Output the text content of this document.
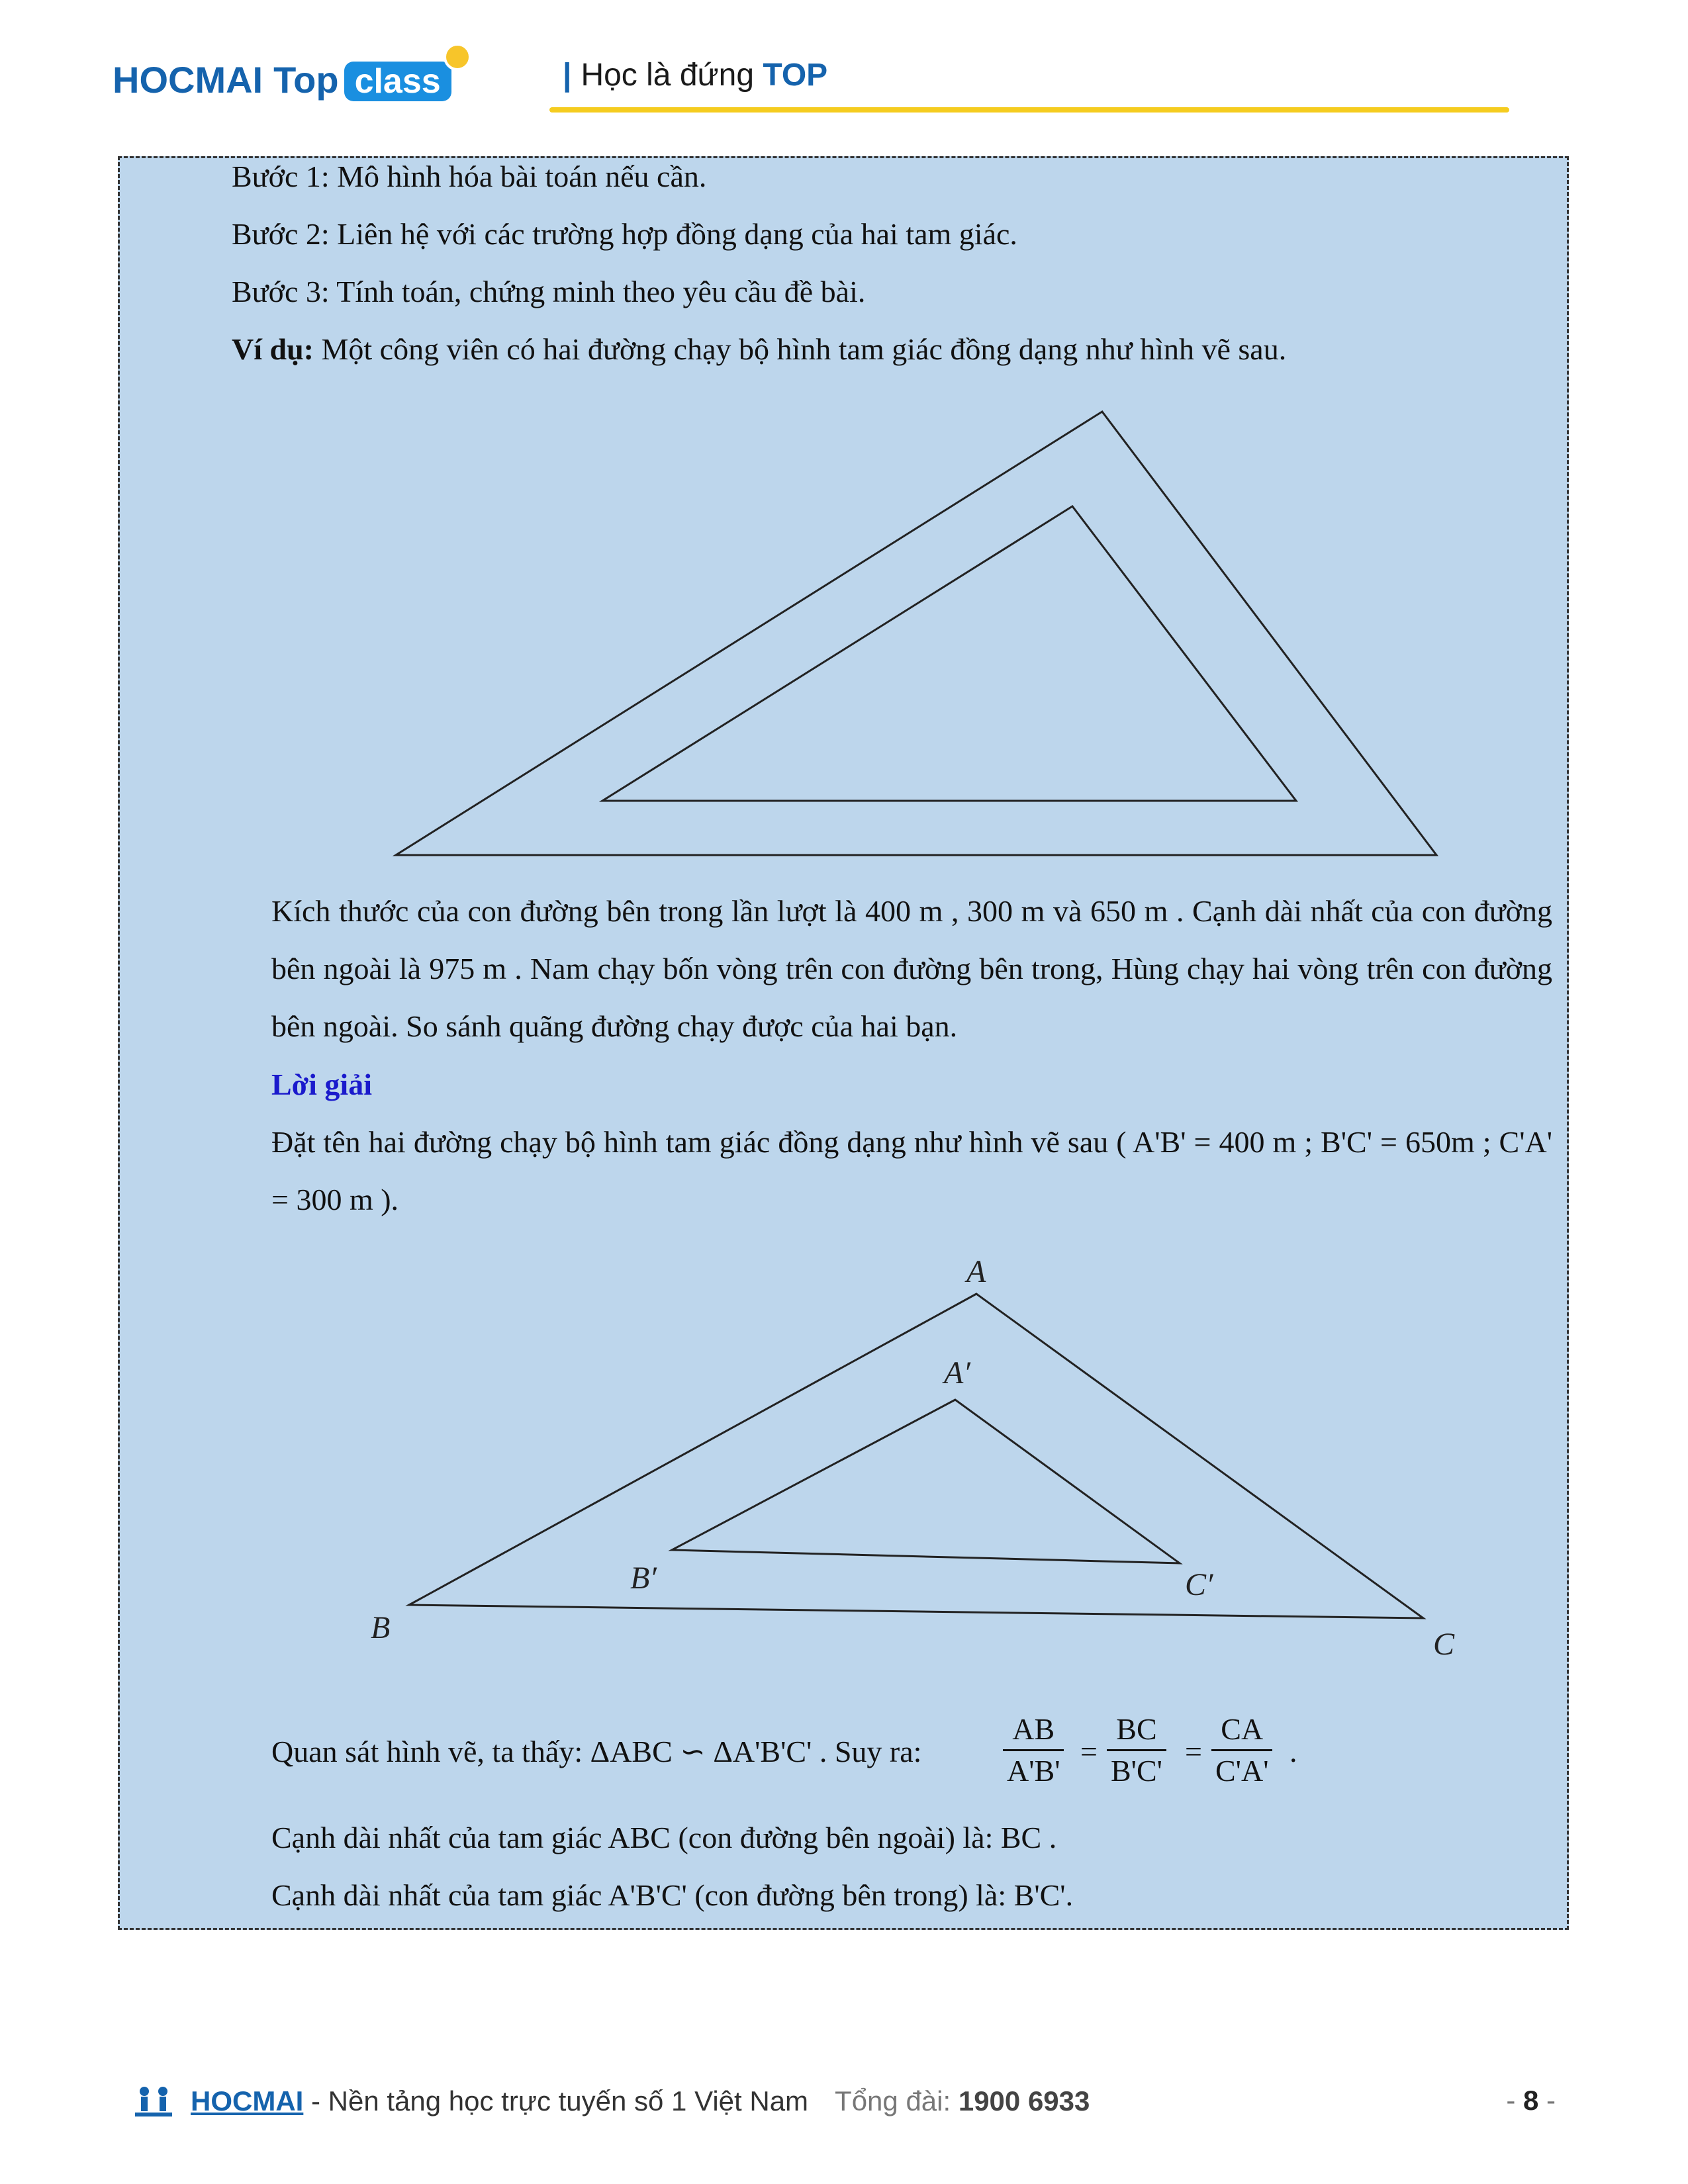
HOCMAI Top class	| Học là đứng TOP
Bước 1: Mô hình hóa bài toán nếu cần.
Bước 2: Liên hệ với các trường hợp đồng dạng của hai tam giác.
Bước 3: Tính toán, chứng minh theo yêu cầu đề bài.
Ví dụ: Một công viên có hai đường chạy bộ hình tam giác đồng dạng như hình vẽ sau.
Kích thước của con đường bên trong lần lượt là 400 m , 300 m và 650 m . Cạnh dài nhất của con đường bên ngoài là 975 m . Nam chạy bốn vòng trên con đường bên trong, Hùng chạy hai vòng trên con đường bên ngoài. So sánh quãng đường chạy được của hai bạn.
Lời giải
Đặt tên hai đường chạy bộ hình tam giác đồng dạng như hình vẽ sau ( A'B' = 400 m ; B'C' = 650m ; C'A' = 300 m ).
A
A′
B′	C′
B	C
Quan sát hình vẽ, ta thấy: ΔABC ∽ ΔA'B'C' . Suy ra:	$\frac{AB}{A'B'} = \frac{BC}{B'C'} = \frac{CA}{C'A'}$ .
Cạnh dài nhất của tam giác ABC (con đường bên ngoài) là: BC .
Cạnh dài nhất của tam giác A'B'C' (con đường bên trong) là: B'C'.
HOCMAI - Nền tảng học trực tuyến số 1 Việt Nam Tổng đài: 1900 6933	- 8 -
